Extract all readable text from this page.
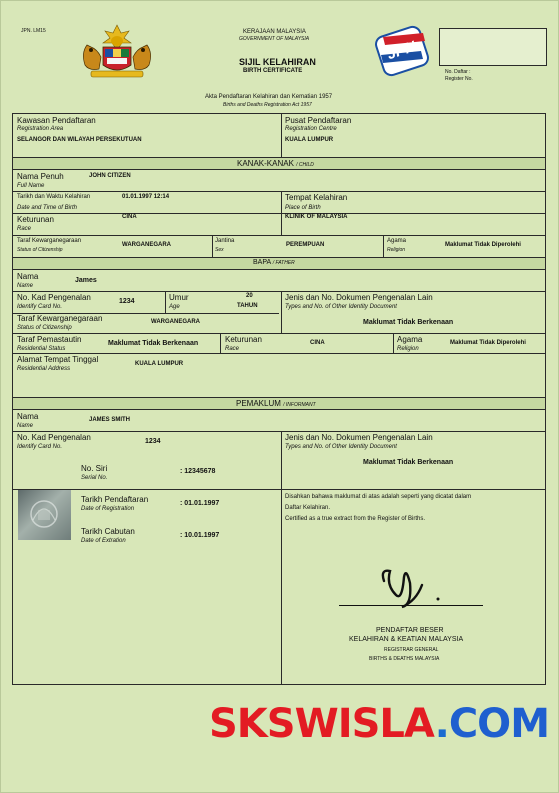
JPN. LM15	KERAJAAN MALAYSIA
GOVERNMENT OF MALAYSIA
SIJIL KELAHIRAN
BIRTH CERTIFICATE
JPN
No. Daftar :
Register No.
Akta Pendaftaran Kelahiran dan Kematian 1957
Births and Deaths Registration Act 1957
Kawasan Pendaftaran
Registration Area
SELANGOR DAN WILAYAH PERSEKUTUAN
Pusat Pendaftaran
Registration Centre
KUALA LUMPUR
KANAK-KANAK / CHILD
Nama Penuh
Full Name
JOHN CITIZEN
Tarikh dan Waktu Kelahiran
Date and Time of Birth
01.01.1997 12:14	Tempat Kelahiran
Place of Birth
KLINIK OF MALAYSIA
Keturunan
Race
CINA
Taraf Kewarganegaraan
Status of Citizenship
WARGANEGARA
Jantina
Sex
PEREMPUAN
Agama
Religion
Maklumat Tidak Diperolehi
BAPA / FATHER
Nama
Name
James
No. Kad Pengenalan
Identify Card No.
1234	Umur
Age
20
TAHUN
Jenis dan No. Dokumen Pengenalan Lain
Types and No. of Other Identity Document
Maklumat Tidak Berkenaan
Taraf Kewarganegaraan
Status of Citizenship
WARGANEGARA
Taraf Pemastautin
Residential Status
Maklumat Tidak Berkenaan	Keturunan
Race
CINA	Agama
Religion
Maklumat Tidak Diperolehi
Alamat Tempat Tinggal
Residential Address
KUALA LUMPUR
PEMAKLUM / INFORMANT
Nama
Name
JAMES SMITH
No. Kad Pengenalan
Identify Card No.
1234	Jenis dan No. Dokumen Pengenalan Lain
Types and No. of Other Identity Document
Maklumat Tidak Berkenaan
No. Siri
Serial No.
: 12345678
Tarikh Pendaftaran
Date of Registration
: 01.01.1997
Tarikh Cabutan
Date of Extration
: 10.01.1997
Disahkan bahawa maklumat di atas adalah seperti yang dicatat dalam
Daftar Kelahiran.
Certified as a true extract from the Register of Births.
PENDAFTAR BESER
KELAHIRAN & KEATIAN MALAYSIA
REGISTRAR GENERAL
BIRTHS & DEATHS MALAYSIA
SKSWISLA.COM
